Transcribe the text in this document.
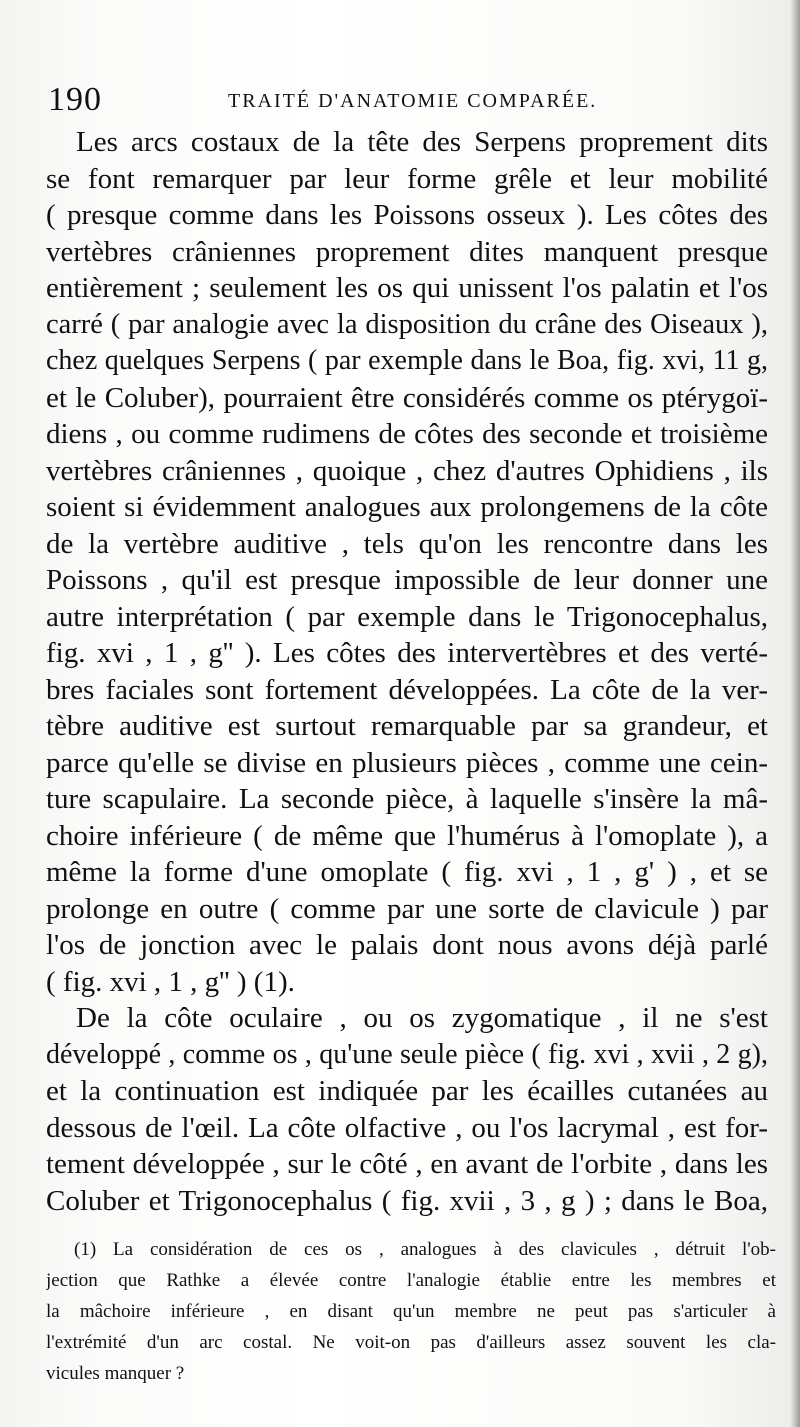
190	TRAITÉ D'ANATOMIE COMPARÉE.
Les arcs costaux de la tête des Serpens proprement dits
se font remarquer par leur forme grêle et leur mobilité
( presque comme dans les Poissons osseux ). Les côtes des
vertèbres crâniennes proprement dites manquent presque
entièrement ; seulement les os qui unissent l'os palatin et l'os
carré ( par analogie avec la disposition du crâne des Oiseaux ),
chez quelques Serpens ( par exemple dans le Boa, fig. xvi, 11 g,
et le Coluber), pourraient être considérés comme os ptérygoï-
diens , ou comme rudimens de côtes des seconde et troisième
vertèbres crâniennes , quoique , chez d'autres Ophidiens , ils
soient si évidemment analogues aux prolongemens de la côte
de la vertèbre auditive , tels qu'on les rencontre dans les
Poissons , qu'il est presque impossible de leur donner une
autre interprétation ( par exemple dans le Trigonocephalus,
fig. xvi , 1 , g'' ). Les côtes des intervertèbres et des verté-
bres faciales sont fortement développées. La côte de la ver-
tèbre auditive est surtout remarquable par sa grandeur, et
parce qu'elle se divise en plusieurs pièces , comme une cein-
ture scapulaire. La seconde pièce, à laquelle s'insère la mâ-
choire inférieure ( de même que l'humérus à l'omoplate ), a
même la forme d'une omoplate ( fig. xvi , 1 , g' ) , et se
prolonge en outre ( comme par une sorte de clavicule ) par
l'os de jonction avec le palais dont nous avons déjà parlé
( fig. xvi , 1 , g'' ) (1).
De la côte oculaire , ou os zygomatique , il ne s'est
développé , comme os , qu'une seule pièce ( fig. xvi , xvii , 2 g),
et la continuation est indiquée par les écailles cutanées au
dessous de l'œil. La côte olfactive , ou l'os lacrymal , est for-
tement développée , sur le côté , en avant de l'orbite , dans les
Coluber et Trigonocephalus ( fig. xvii , 3 , g ) ; dans le Boa,
(1) La considération de ces os , analogues à des clavicules , détruit l'ob-
jection que Rathke a élevée contre l'analogie établie entre les membres et
la mâchoire inférieure , en disant qu'un membre ne peut pas s'articuler à
l'extrémité d'un arc costal. Ne voit-on pas d'ailleurs assez souvent les cla-
vicules manquer ?
